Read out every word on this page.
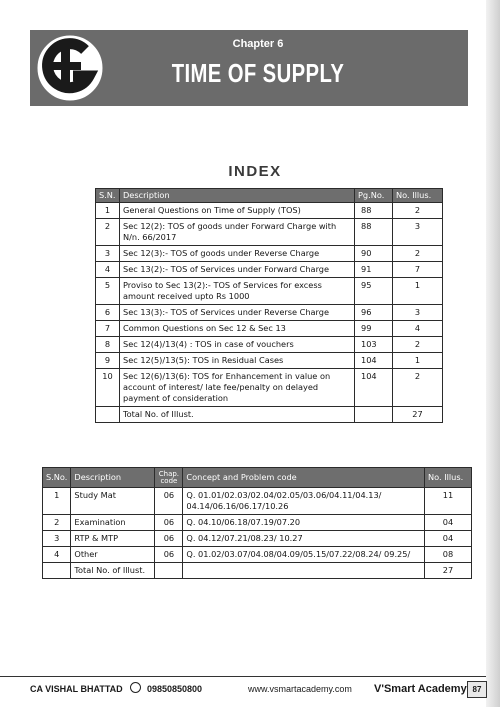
Chapter 6
TIME OF SUPPLY
INDEX
S.N.	Description	Pg.No.	No. Illus.
1	General Questions on Time of Supply (TOS)	88	2
2	Sec 12(2): TOS of goods under Forward Charge with N/n. 66/2017	88	3
3	Sec 12(3):- TOS of goods under Reverse Charge	90	2
4	Sec 13(2):- TOS of Services under Forward Charge	91	7
5	Proviso to Sec 13(2):- TOS of Services for excess amount received upto Rs 1000	95	1
6	Sec 13(3):- TOS of Services under Reverse Charge	96	3
7	Common Questions on Sec 12 & Sec 13	99	4
8	Sec 12(4)/13(4) : TOS in case of vouchers	103	2
9	Sec 12(5)/13(5): TOS in Residual Cases	104	1
10	Sec 12(6)/13(6): TOS for Enhancement in value on account of interest/ late fee/penalty on delayed payment of consideration	104	2
	Total No. of Illust.		27
S.No.	Description	Chap. code	Concept and Problem code	No. Illus.
1	Study Mat	06	Q. 01.01/02.03/02.04/02.05/03.06/04.11/04.13/ 04.14/06.16/06.17/10.26	11
2	Examination	06	Q. 04.10/06.18/07.19/07.20	04
3	RTP & MTP	06	Q. 04.12/07.21/08.23/ 10.27	04
4	Other	06	Q. 01.02/03.07/04.08/04.09/05.15/07.22/08.24/ 09.25/	08
	Total No. of Illust.			27
CA VISHAL BHATTAD	09850850800	www.vsmartacademy.com V'Smart Academy 87
